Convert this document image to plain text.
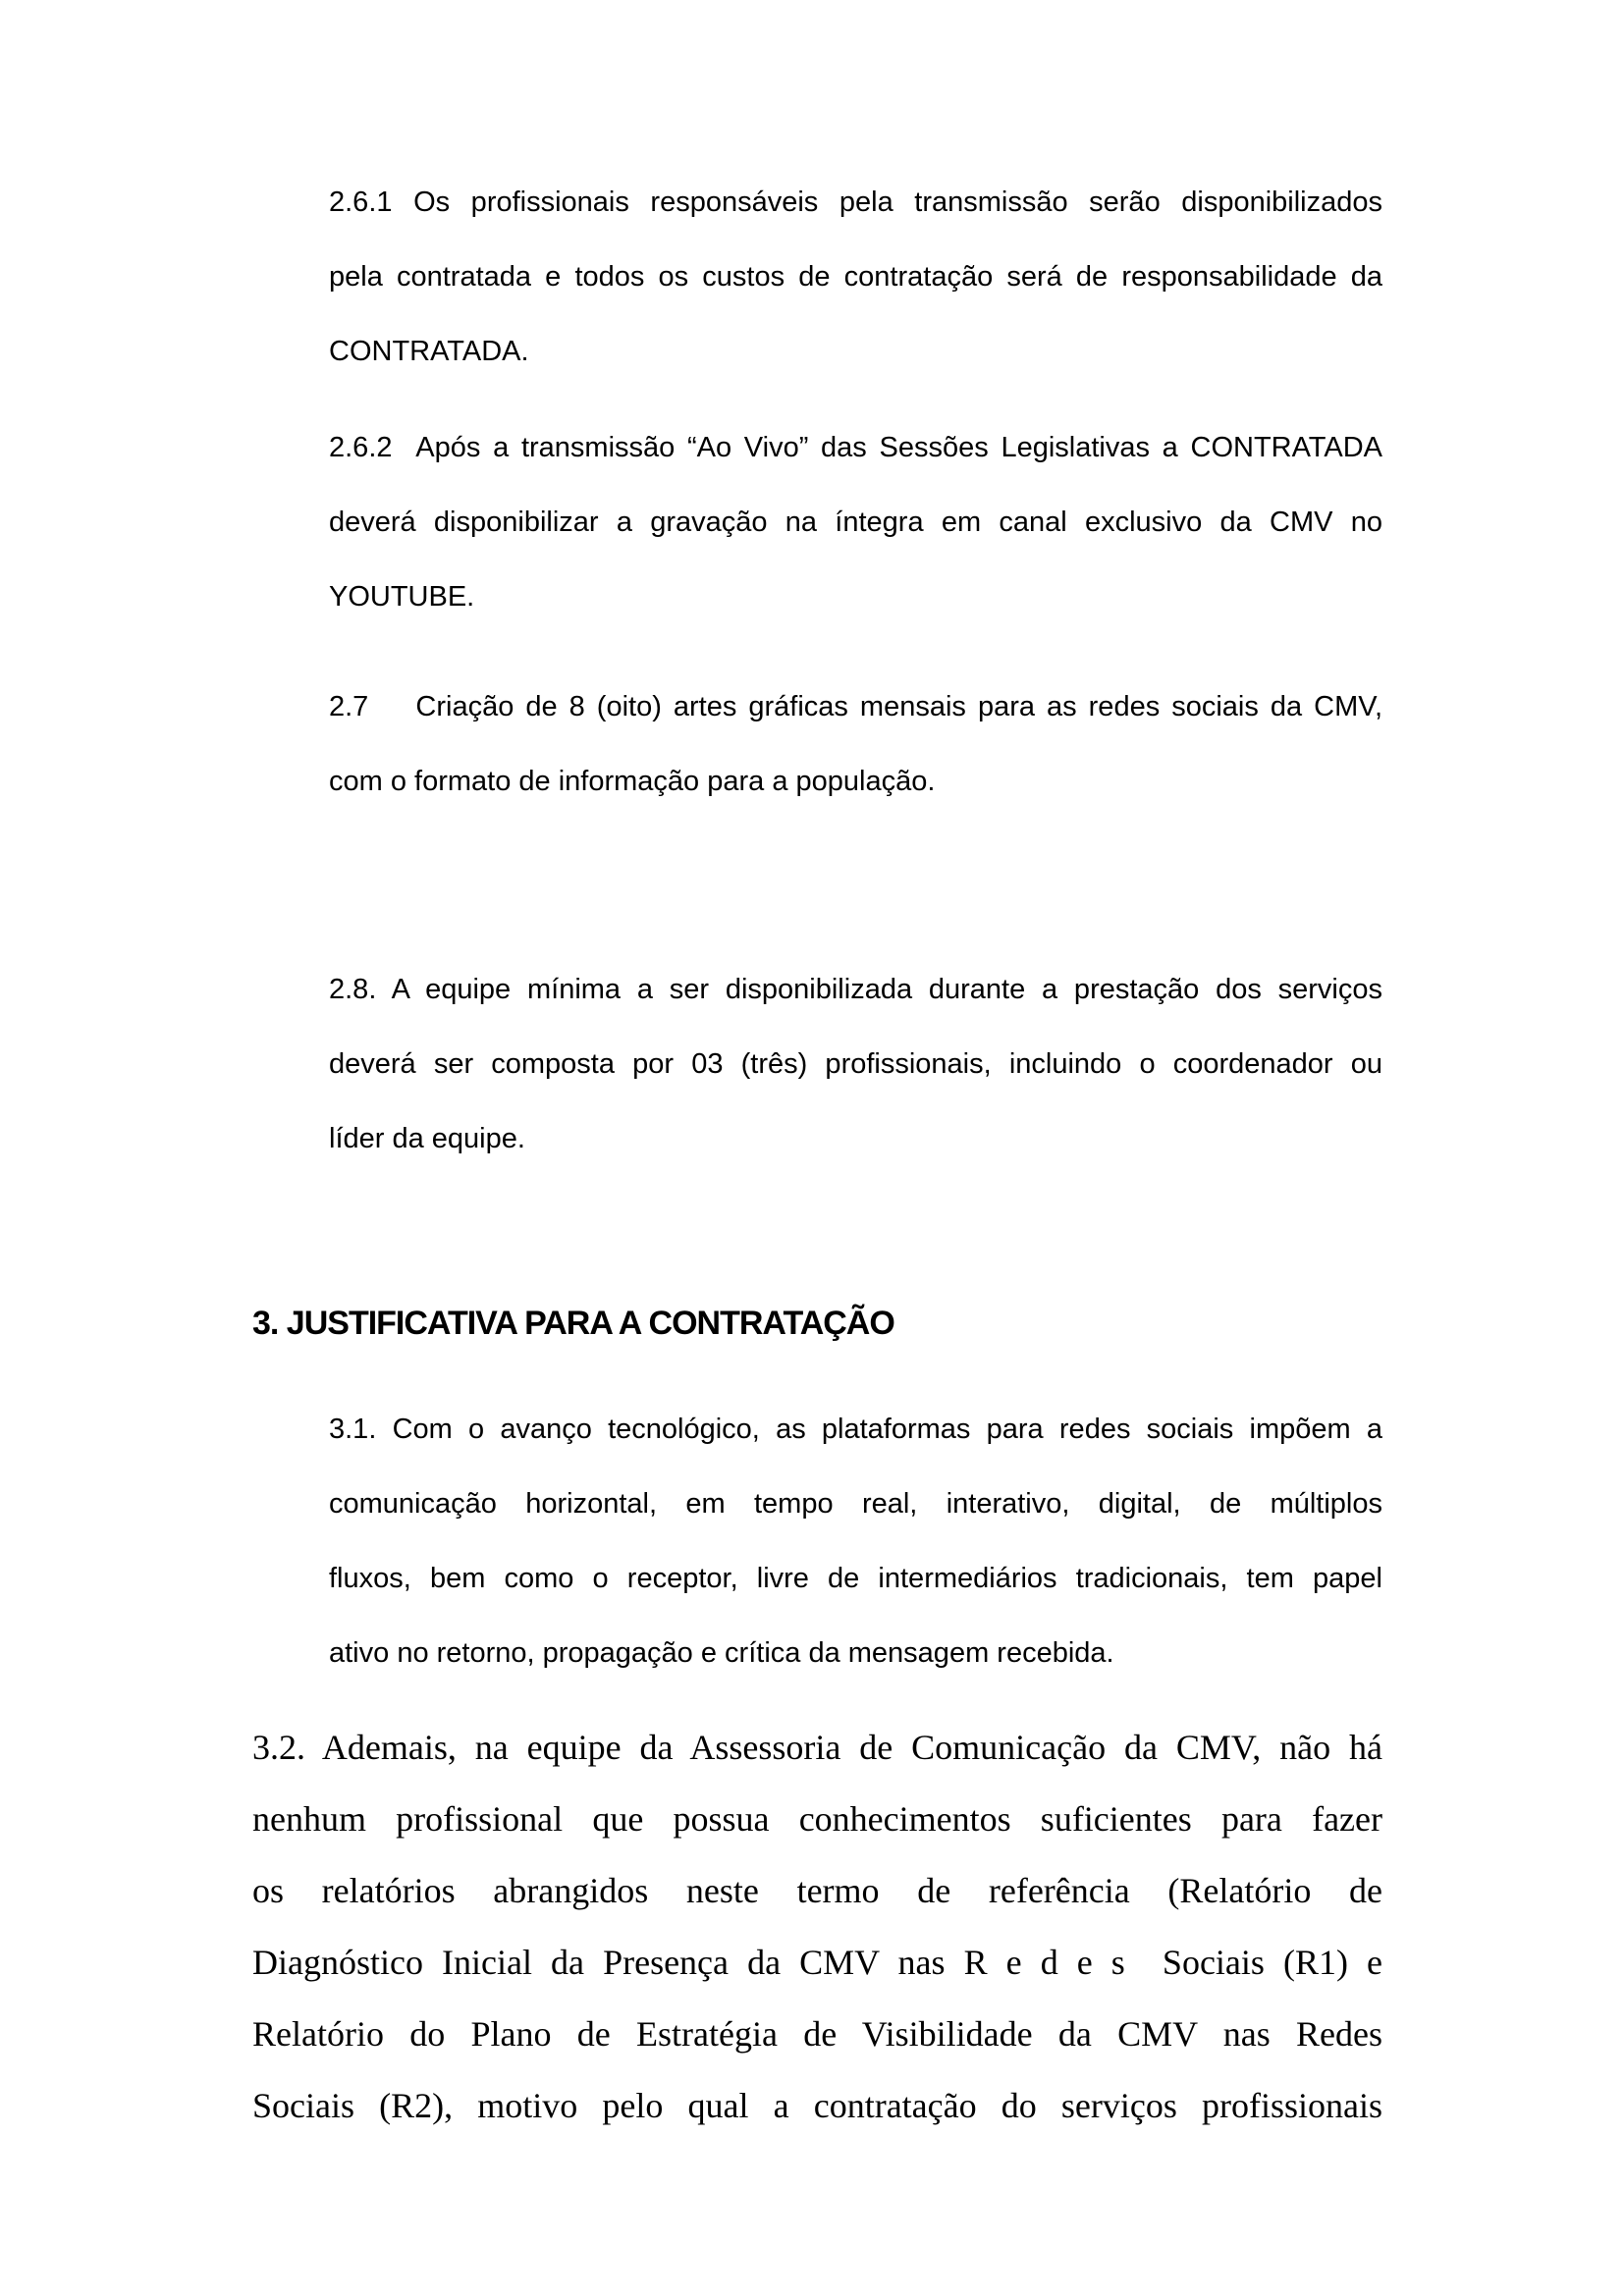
2.6.1 Os profissionais responsáveis pela transmissão serão disponibilizados
pela contratada e todos os custos de contratação será de responsabilidade da
CONTRATADA.
2.6.2  Após a transmissão “Ao Vivo” das Sessões Legislativas a CONTRATADA
deverá disponibilizar a gravação na íntegra em canal exclusivo da CMV no
YOUTUBE.
2.7    Criação de 8 (oito) artes gráficas mensais para as redes sociais da CMV,
com o formato de informação para a população.
2.8. A equipe mínima a ser disponibilizada durante a prestação dos serviços
deverá ser composta por 03 (três) profissionais, incluindo o coordenador ou
líder da equipe.
3. JUSTIFICATIVA PARA A CONTRATAÇÃO
3.1. Com o avanço tecnológico, as plataformas para redes sociais impõem a
comunicação horizontal, em tempo real, interativo, digital, de múltiplos
fluxos, bem como o receptor, livre de intermediários tradicionais, tem papel
ativo no retorno, propagação e crítica da mensagem recebida.
3.2. Ademais, na equipe da Assessoria de Comunicação da CMV, não há
nenhum profissional que possua conhecimentos suficientes para fazer
os relatórios abrangidos neste termo de referência (Relatório de
Diagnóstico Inicial da Presença da CMV nas R e d e s  Sociais (R1) e
Relatório do Plano de Estratégia de Visibilidade da CMV nas Redes
Sociais (R2), motivo pelo qual a contratação do serviços profissionais
